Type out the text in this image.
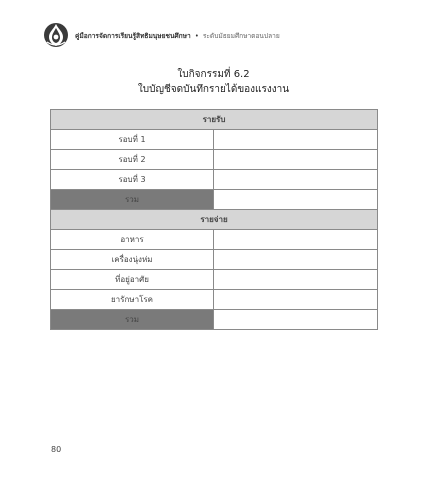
คู่มือการจัดการเรียนรู้สิทธิมนุษยชนศึกษา • ระดับมัธยมศึกษาตอนปลาย
ใบกิจกรรมที่ 6.2
ใบบัญชีจดบันทึกรายได้ของแรงงาน
รายรับ	
รอบที่ 1	
รอบที่ 2	
รอบที่ 3	
รวม	
รายจ่าย	
อาหาร	
เครื่องนุ่งห่ม	
ที่อยู่อาศัย	
ยารักษาโรค	
รวม	
80
